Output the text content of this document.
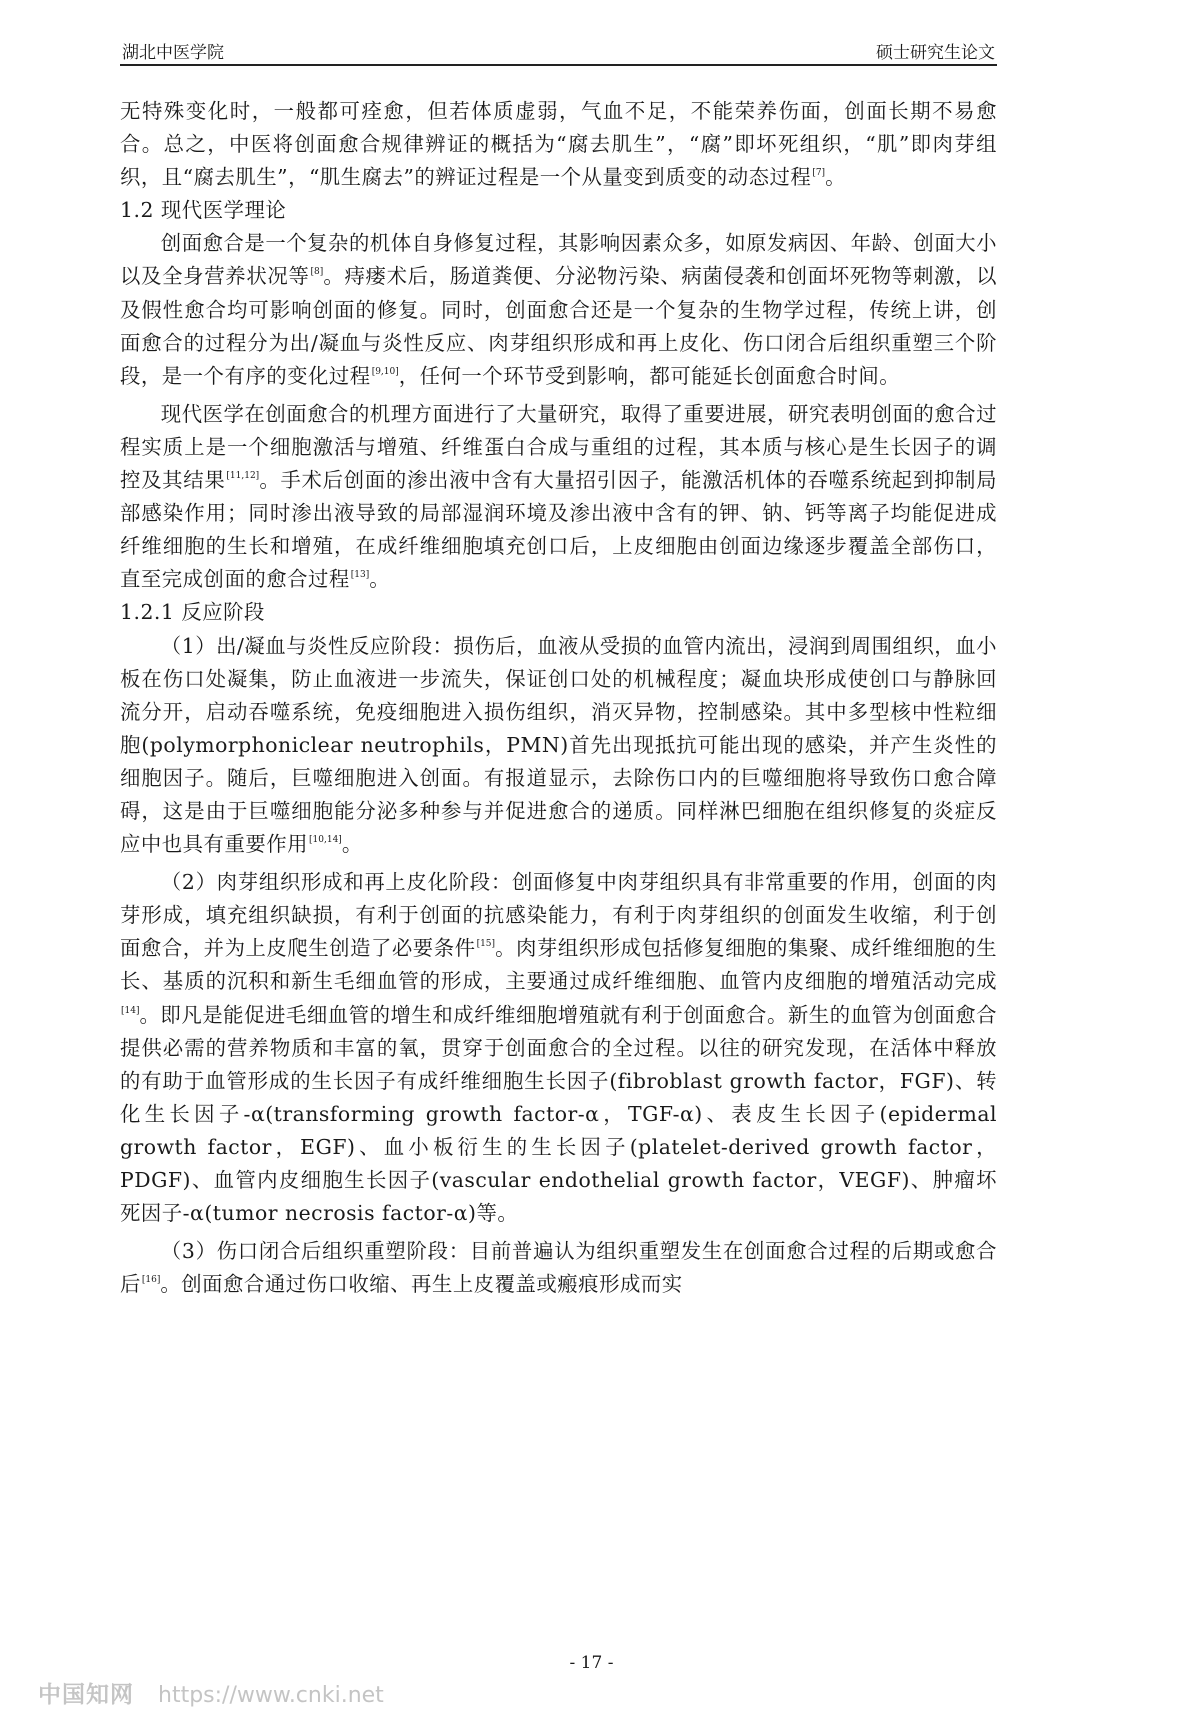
湖北中医学院	硕士研究生论文

无特殊变化时，一般都可痊愈，但若体质虚弱，气血不足，不能荣养伤面，创面长期不易愈合。总之，中医将创面愈合规律辨证的概括为“腐去肌生”，“腐”即坏死组织，“肌”即肉芽组织，且“腐去肌生”，“肌生腐去”的辨证过程是一个从量变到质变的动态过程[7]。

1.2 现代医学理论

创面愈合是一个复杂的机体自身修复过程，其影响因素众多，如原发病因、年龄、创面大小以及全身营养状况等[8]。痔瘘术后，肠道粪便、分泌物污染、病菌侵袭和创面坏死物等刺激，以及假性愈合均可影响创面的修复。同时，创面愈合还是一个复杂的生物学过程，传统上讲，创面愈合的过程分为出/凝血与炎性反应、肉芽组织形成和再上皮化、伤口闭合后组织重塑三个阶段，是一个有序的变化过程[9,10]，任何一个环节受到影响，都可能延长创面愈合时间。

现代医学在创面愈合的机理方面进行了大量研究，取得了重要进展，研究表明创面的愈合过程实质上是一个细胞激活与增殖、纤维蛋白合成与重组的过程，其本质与核心是生长因子的调控及其结果[11,12]。手术后创面的渗出液中含有大量招引因子，能激活机体的吞噬系统起到抑制局部感染作用；同时渗出液导致的局部湿润环境及渗出液中含有的钾、钠、钙等离子均能促进成纤维细胞的生长和增殖，在成纤维细胞填充创口后，上皮细胞由创面边缘逐步覆盖全部伤口，直至完成创面的愈合过程[13]。

1.2.1 反应阶段

（1）出/凝血与炎性反应阶段：损伤后，血液从受损的血管内流出，浸润到周围组织，血小板在伤口处凝集，防止血液进一步流失，保证创口处的机械程度；凝血块形成使创口与静脉回流分开，启动吞噬系统，免疫细胞进入损伤组织，消灭异物，控制感染。其中多型核中性粒细胞(polymorphoniclear neutrophils，PMN)首先出现抵抗可能出现的感染，并产生炎性的细胞因子。随后，巨噬细胞进入创面。有报道显示，去除伤口内的巨噬细胞将导致伤口愈合障碍，这是由于巨噬细胞能分泌多种参与并促进愈合的递质。同样淋巴细胞在组织修复的炎症反应中也具有重要作用[10,14]。

（2）肉芽组织形成和再上皮化阶段：创面修复中肉芽组织具有非常重要的作用，创面的肉芽形成，填充组织缺损，有利于创面的抗感染能力，有利于肉芽组织的创面发生收缩，利于创面愈合，并为上皮爬生创造了必要条件[15]。肉芽组织形成包括修复细胞的集聚、成纤维细胞的生长、基质的沉积和新生毛细血管的形成，主要通过成纤维细胞、血管内皮细胞的增殖活动完成[14]。即凡是能促进毛细血管的增生和成纤维细胞增殖就有利于创面愈合。新生的血管为创面愈合提供必需的营养物质和丰富的氧，贯穿于创面愈合的全过程。以往的研究发现，在活体中释放的有助于血管形成的生长因子有成纤维细胞生长因子(fibroblast growth factor，FGF)、转化生长因子-α(transforming growth factor-α，TGF-α)、表皮生长因子(epidermal growth factor，EGF)、血小板衍生的生长因子(platelet-derived growth factor，PDGF)、血管内皮细胞生长因子(vascular endothelial growth factor，VEGF)、肿瘤坏死因子-α(tumor necrosis factor-α)等。

（3）伤口闭合后组织重塑阶段：目前普遍认为组织重塑发生在创面愈合过程的后期或愈合后[16]。创面愈合通过伤口收缩、再生上皮覆盖或瘢痕形成而实

- 17 -
中国知网 https://www.cnki.net
